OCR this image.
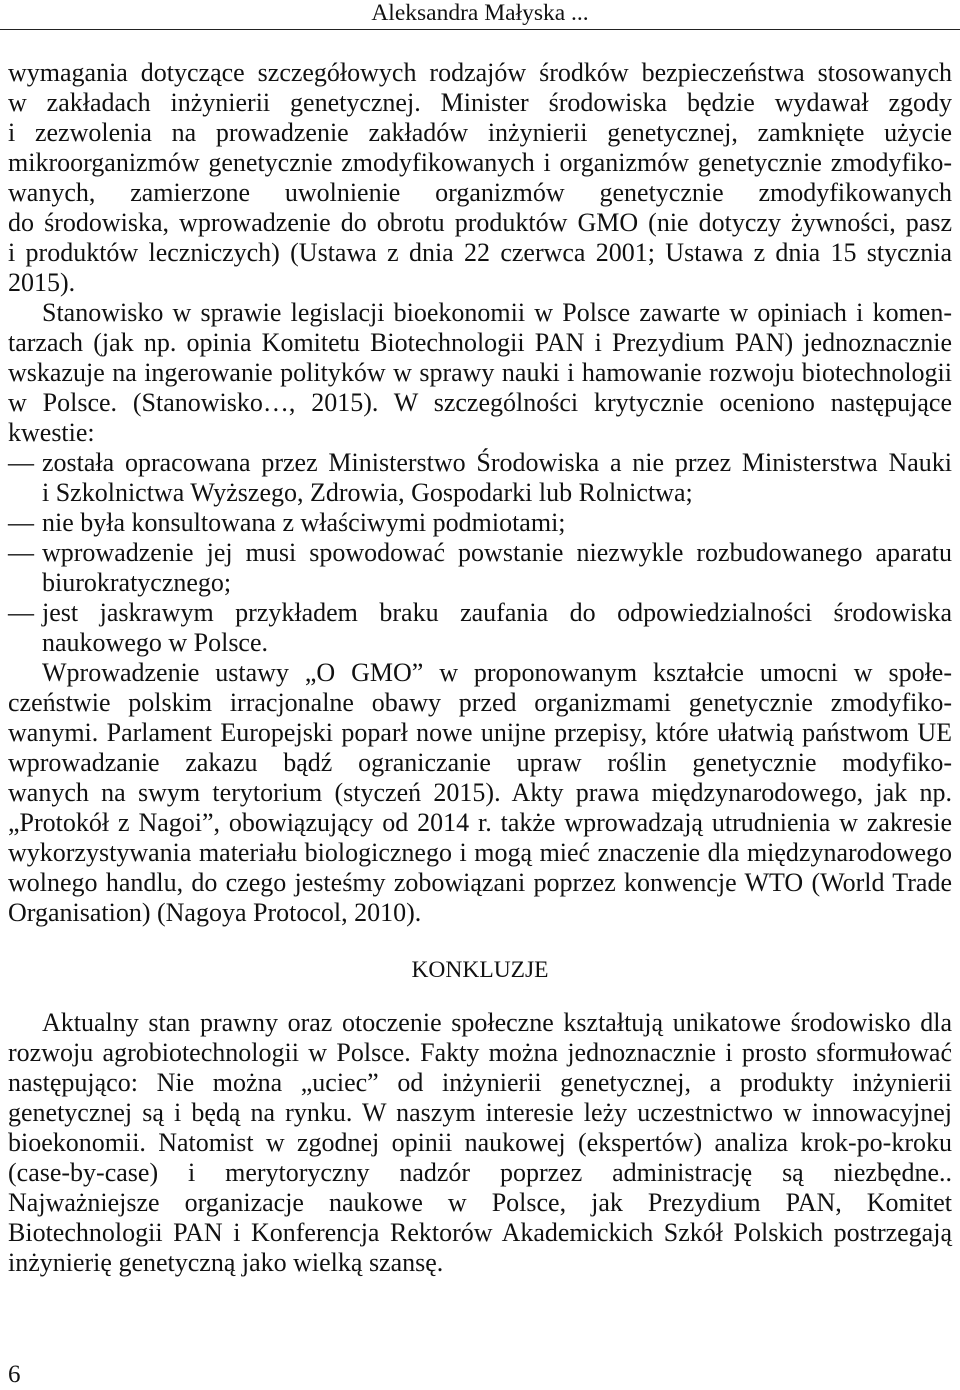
Aleksandra Małyska ...
wymagania dotyczące szczegółowych rodzajów środków bezpieczeństwa stosowanych
w zakładach inżynierii genetycznej. Minister środowiska będzie wydawał zgody
i zezwolenia na prowadzenie zakładów inżynierii genetycznej, zamknięte użycie
mikroorganizmów genetycznie zmodyfikowanych i organizmów genetycznie zmodyfiko-
wanych, zamierzone uwolnienie organizmów genetycznie zmodyfikowanych
do środowiska, wprowadzenie do obrotu produktów GMO (nie dotyczy żywności, pasz
i produktów leczniczych) (Ustawa z dnia 22 czerwca 2001; Ustawa z dnia 15 stycznia
2015).
Stanowisko w sprawie legislacji bioekonomii w Polsce zawarte w opiniach i komen-
tarzach (jak np. opinia Komitetu Biotechnologii PAN i Prezydium PAN) jednoznacznie
wskazuje na ingerowanie polityków w sprawy nauki i hamowanie rozwoju biotechnologii
w Polsce. (Stanowisko…, 2015). W szczególności krytycznie oceniono następujące
kwestie:
— została opracowana przez Ministerstwo Środowiska a nie przez Ministerstwa Nauki
i Szkolnictwa Wyższego, Zdrowia, Gospodarki lub Rolnictwa;
— nie była konsultowana z właściwymi podmiotami;
— wprowadzenie jej musi spowodować powstanie niezwykle rozbudowanego aparatu
biurokratycznego;
— jest jaskrawym przykładem braku zaufania do odpowiedzialności środowiska
naukowego w Polsce.
Wprowadzenie ustawy „O GMO” w proponowanym kształcie umocni w społe-
czeństwie polskim irracjonalne obawy przed organizmami genetycznie zmodyfiko-
wanymi. Parlament Europejski poparł nowe unijne przepisy, które ułatwią państwom UE
wprowadzanie zakazu bądź ograniczanie upraw roślin genetycznie modyfiko-
wanych na swym terytorium (styczeń 2015). Akty prawa międzynarodowego, jak np.
„Protokół z Nagoi”, obowiązujący od 2014 r. także wprowadzają utrudnienia w zakresie
wykorzystywania materiału biologicznego i mogą mieć znaczenie dla międzynarodowego
wolnego handlu, do czego jesteśmy zobowiązani poprzez konwencje WTO (World Trade
Organisation) (Nagoya Protocol, 2010).
KONKLUZJE
Aktualny stan prawny oraz otoczenie społeczne kształtują unikatowe środowisko dla
rozwoju agrobiotechnologii w Polsce. Fakty można jednoznacznie i prosto sformułować
następująco: Nie można „uciec” od inżynierii genetycznej, a produkty inżynierii
genetycznej są i będą na rynku. W naszym interesie leży uczestnictwo w innowacyjnej
bioekonomii. Natomist w zgodnej opinii naukowej (ekspertów) analiza krok-po-kroku
(case-by-case) i merytoryczny nadzór poprzez administrację są niezbędne..
Najważniejsze organizacje naukowe w Polsce, jak Prezydium PAN, Komitet
Biotechnologii PAN i Konferencja Rektorów Akademickich Szkół Polskich postrzegają
inżynierię genetyczną jako wielką szansę.
6
